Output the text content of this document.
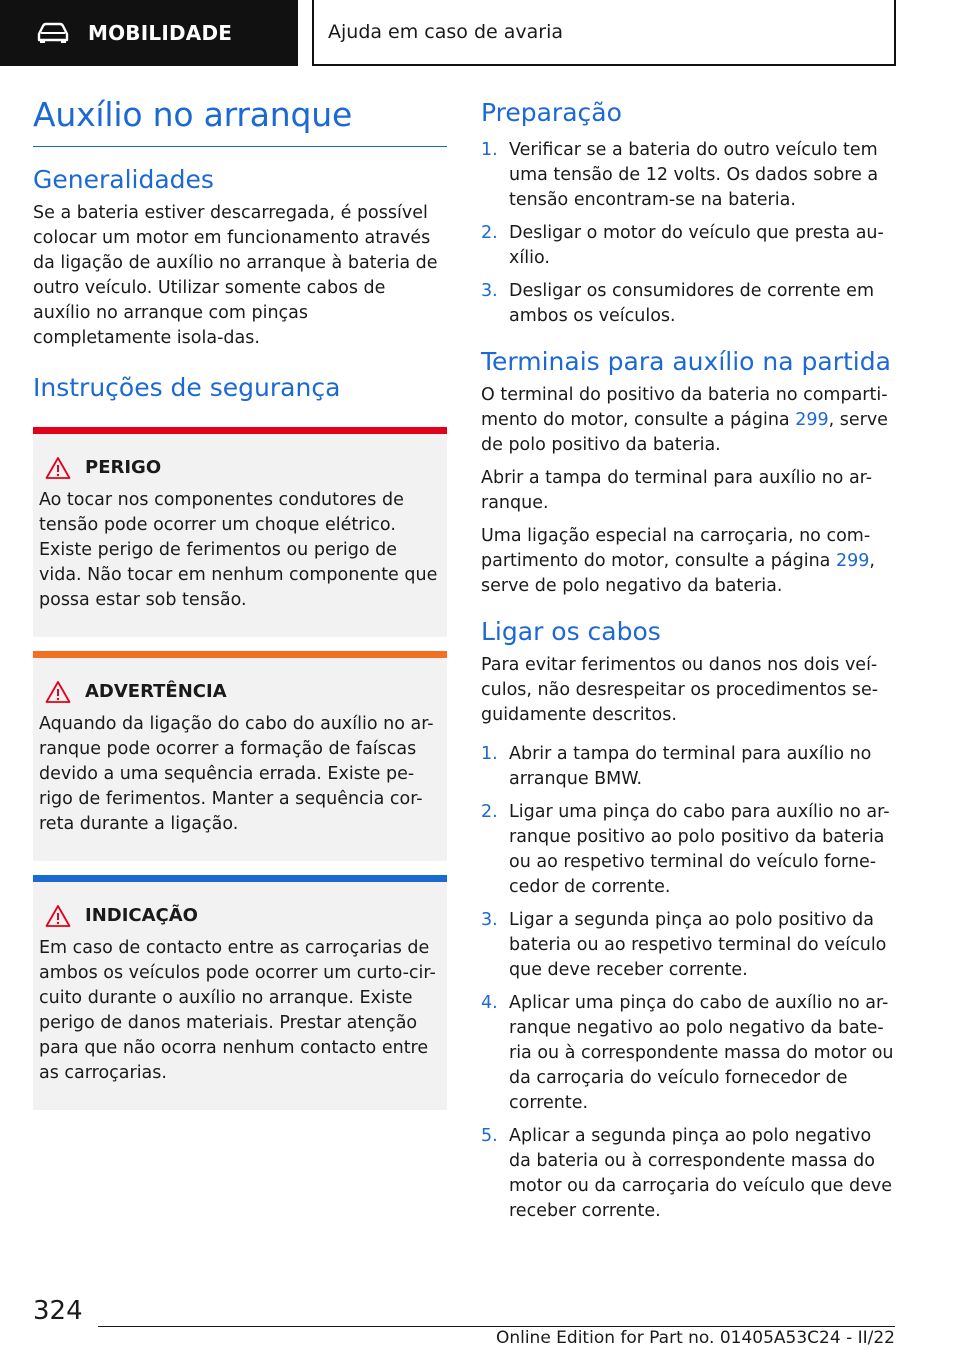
MOBILIDADE	Ajuda em caso de avaria
Auxílio no arranque
Generalidades

Se a bateria estiver descarregada, é possível colocar um motor em funcionamento através da ligação de auxílio no arranque à bateria de outro veículo. Utilizar somente cabos de auxílio no arranque com pinças completamente isola-das.

Instruções de segurança
PERIGO
Ao tocar nos componentes condutores de tensão pode ocorrer um choque elétrico. Existe perigo de ferimentos ou perigo de vida. Não tocar em nenhum componente que possa estar sob tensão.
ADVERTÊNCIA
Aquando da ligação do cabo do auxílio no ar-ranque pode ocorrer a formação de faíscas devido a uma sequência errada. Existe pe-rigo de ferimentos. Manter a sequência cor-reta durante a ligação.
INDICAÇÃO
Em caso de contacto entre as carroçarias de ambos os veículos pode ocorrer um curto-cir-cuito durante o auxílio no arranque. Existe perigo de danos materiais. Prestar atenção para que não ocorra nenhum contacto entre as carroçarias.
Preparação
1. Verificar se a bateria do outro veículo tem uma tensão de 12 volts. Os dados sobre a tensão encontram-se na bateria.
2. Desligar o motor do veículo que presta au-xílio.
3. Desligar os consumidores de corrente em ambos os veículos.
Terminais para auxílio na partida

O terminal do positivo da bateria no comparti-mento do motor, consulte a página 299, serve de polo positivo da bateria.

Abrir a tampa do terminal para auxílio no ar-ranque.

Uma ligação especial na carroçaria, no com-partimento do motor, consulte a página 299, serve de polo negativo da bateria.

Ligar os cabos

Para evitar ferimentos ou danos nos dois veí-culos, não desrespeitar os procedimentos se-guidamente descritos.

1. Abrir a tampa do terminal para auxílio no arranque BMW.
2. Ligar uma pinça do cabo para auxílio no ar-ranque positivo ao polo positivo da bateria ou ao respetivo terminal do veículo forne-cedor de corrente.
3. Ligar a segunda pinça ao polo positivo da bateria ou ao respetivo terminal do veículo que deve receber corrente.
4. Aplicar uma pinça do cabo de auxílio no ar-ranque negativo ao polo negativo da bate-ria ou à correspondente massa do motor ou da carroçaria do veículo fornecedor de corrente.
5. Aplicar a segunda pinça ao polo negativo da bateria ou à correspondente massa do motor ou da carroçaria do veículo que deve receber corrente.
324
Online Edition for Part no. 01405A53C24 - II/22
